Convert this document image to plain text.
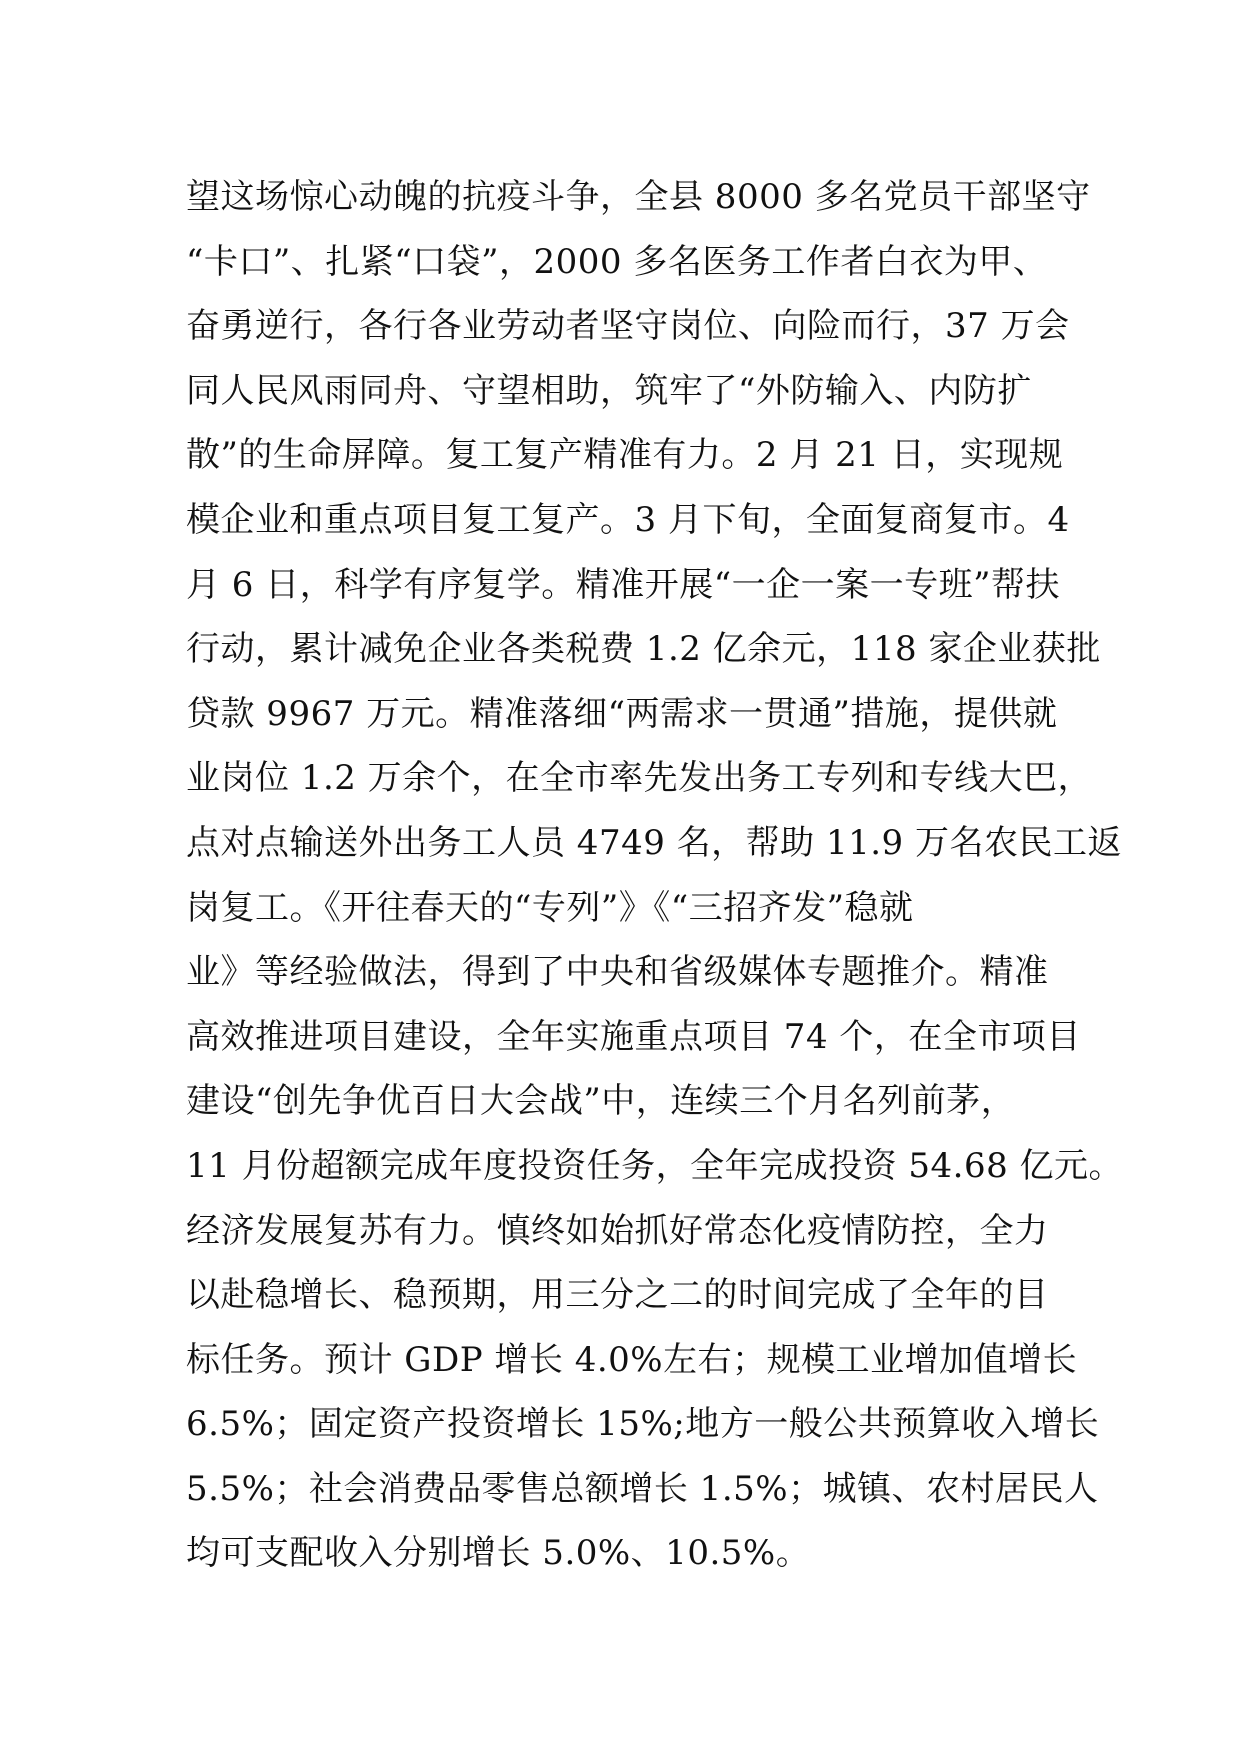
望这场惊心动魄的抗疫斗争，全县 8000 多名党员干部坚守
“卡口”、扎紧“口袋”，2000 多名医务工作者白衣为甲、
奋勇逆行，各行各业劳动者坚守岗位、向险而行，37 万会
同人民风雨同舟、守望相助，筑牢了“外防输入、内防扩
散”的生命屏障。复工复产精准有力。2 月 21 日，实现规
模企业和重点项目复工复产。3 月下旬，全面复商复市。4
月 6 日，科学有序复学。精准开展“一企一案一专班”帮扶
行动，累计减免企业各类税费 1.2 亿余元，118 家企业获批
贷款 9967 万元。精准落细“两需求一贯通”措施，提供就
业岗位 1.2 万余个，在全市率先发出务工专列和专线大巴，
点对点输送外出务工人员 4749 名，帮助 11.9 万名农民工返
岗复工。《开往春天的“专列”》《“三招齐发”稳就
业》等经验做法，得到了中央和省级媒体专题推介。精准
高效推进项目建设，全年实施重点项目 74 个，在全市项目
建设“创先争优百日大会战”中，连续三个月名列前茅，
11 月份超额完成年度投资任务，全年完成投资 54.68 亿元。
经济发展复苏有力。慎终如始抓好常态化疫情防控，全力
以赴稳增长、稳预期，用三分之二的时间完成了全年的目
标任务。预计 GDP 增长 4.0%左右；规模工业增加值增长
6.5%；固定资产投资增长 15%;地方一般公共预算收入增长
5.5%；社会消费品零售总额增长 1.5%；城镇、农村居民人
均可支配收入分别增长 5.0%、10.5%。
